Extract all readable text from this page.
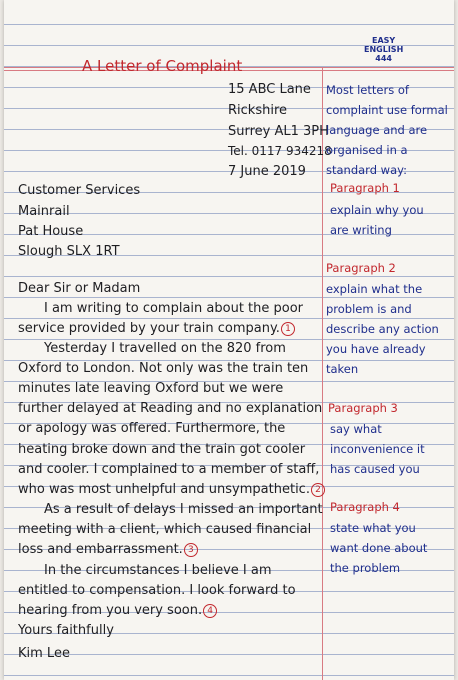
EASY
ENGLISH
444
A Letter of Complaint
15 ABC Lane
Rickshire
Surrey AL1 3PH
Tel. 0117 934218
7 June 2019
Customer Services
Mainrail
Pat House
Slough SLX 1RT
Dear Sir or Madam
I am writing to complain about the poor
service provided by your train company. 1
Yesterday I travelled on the 820 from
Oxford to London. Not only was the train ten
minutes late leaving Oxford but we were
further delayed at Reading and no explanation
or apology was offered. Furthermore, the
heating broke down and the train got cooler
and cooler. I complained to a member of staff,
who was most unhelpful and unsympathetic. 2
As a result of delays I missed an important
meeting with a client, which caused financial
loss and embarrassment. 3
In the circumstances I believe I am
entitled to compensation. I look forward to
hearing from you very soon. 4
Yours faithfully
Kim Lee
Most letters of
complaint use formal
language and are
organised in a
standard way:
Paragraph 1
explain why you
are writing
Paragraph 2
explain what the
problem is and
describe any action
you have already
taken
Paragraph 3
say what
inconvenience it
has caused you
Paragraph 4
state what you
want done about
the problem
